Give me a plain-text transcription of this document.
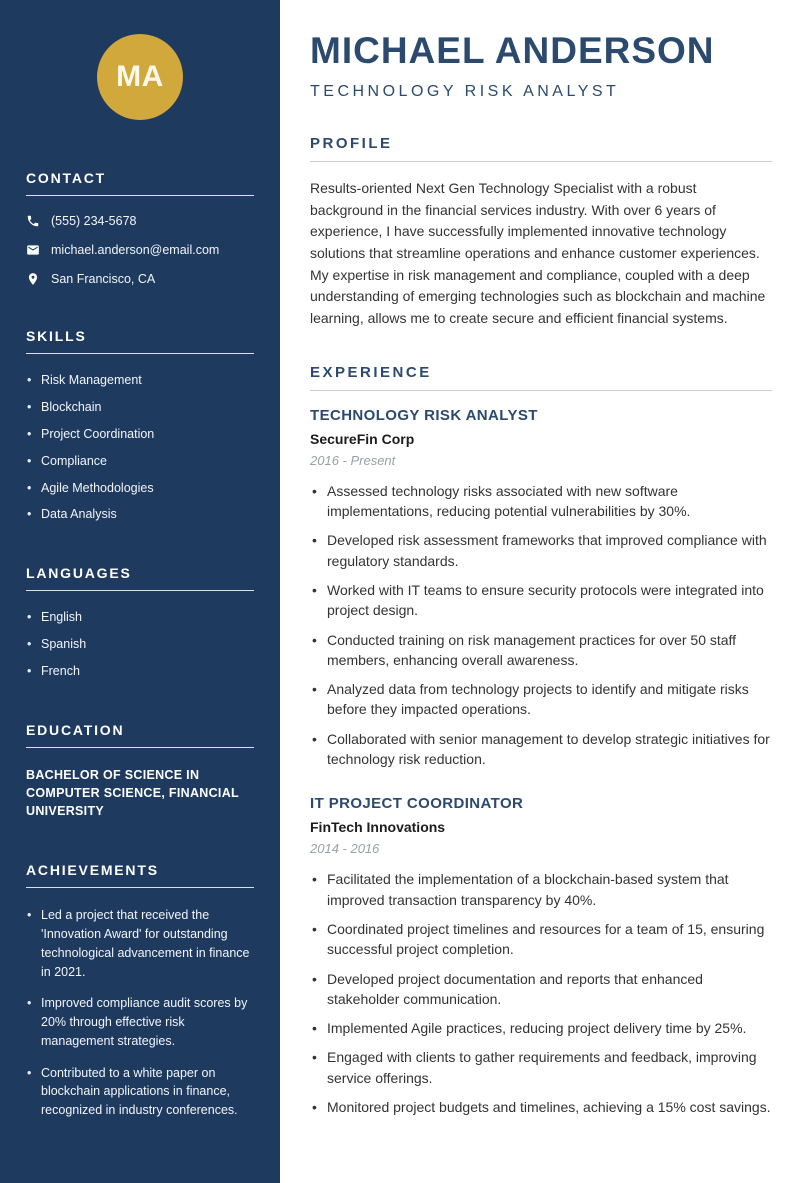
MA
CONTACT
(555) 234-5678
michael.anderson@email.com
San Francisco, CA
SKILLS
• Risk Management
• Blockchain
• Project Coordination
• Compliance
• Agile Methodologies
• Data Analysis
LANGUAGES
• English
• Spanish
• French
EDUCATION
BACHELOR OF SCIENCE IN COMPUTER SCIENCE, FINANCIAL UNIVERSITY
ACHIEVEMENTS
• Led a project that received the 'Innovation Award' for outstanding technological advancement in finance in 2021.
• Improved compliance audit scores by 20% through effective risk management strategies.
• Contributed to a white paper on blockchain applications in finance, recognized in industry conferences.
MICHAEL ANDERSON
TECHNOLOGY RISK ANALYST
PROFILE

Results-oriented Next Gen Technology Specialist with a robust background in the financial services industry. With over 6 years of experience, I have successfully implemented innovative technology solutions that streamline operations and enhance customer experiences. My expertise in risk management and compliance, coupled with a deep understanding of emerging technologies such as blockchain and machine learning, allows me to create secure and efficient financial systems.

EXPERIENCE
TECHNOLOGY RISK ANALYST
SecureFin Corp
2016 - Present
• Assessed technology risks associated with new software implementations, reducing potential vulnerabilities by 30%.
• Developed risk assessment frameworks that improved compliance with regulatory standards.
• Worked with IT teams to ensure security protocols were integrated into project design.
• Conducted training on risk management practices for over 50 staff members, enhancing overall awareness.
• Analyzed data from technology projects to identify and mitigate risks before they impacted operations.
• Collaborated with senior management to develop strategic initiatives for technology risk reduction.
IT PROJECT COORDINATOR
FinTech Innovations
2014 - 2016
• Facilitated the implementation of a blockchain-based system that improved transaction transparency by 40%.
• Coordinated project timelines and resources for a team of 15, ensuring successful project completion.
• Developed project documentation and reports that enhanced stakeholder communication.
• Implemented Agile practices, reducing project delivery time by 25%.
• Engaged with clients to gather requirements and feedback, improving service offerings.
• Monitored project budgets and timelines, achieving a 15% cost savings.
